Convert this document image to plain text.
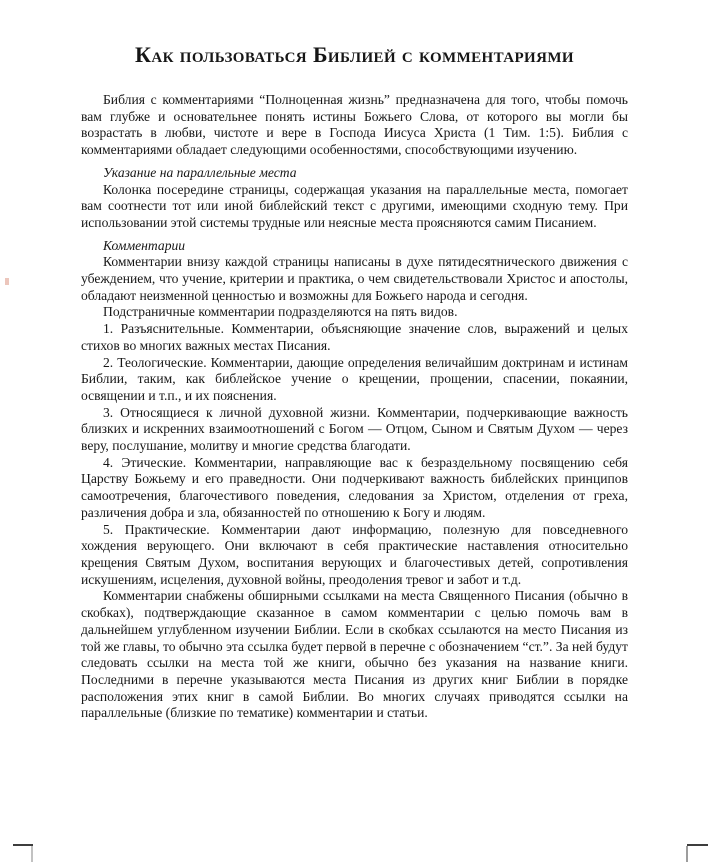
Как пользоваться Библией с комментариями

Библия с комментариями “Полноценная жизнь” предназначена для того, чтобы помочь вам глубже и основательнее понять истины Божьего Слова, от которого вы могли бы возрастать в любви, чистоте и вере в Господа Иисуса Христа (1 Тим. 1:5). Библия с комментариями обладает следующими особенностями, способствующими изучению.

Указание на параллельные места

Колонка посередине страницы, содержащая указания на параллельные места, помогает вам соотнести тот или иной библейский текст с другими, имеющими сходную тему. При использовании этой системы трудные или неясные места проясняются самим Писанием.

Комментарии

Комментарии внизу каждой страницы написаны в духе пятидесятнического движения с убеждением, что учение, критерии и практика, о чем свидетельствовали Христос и апостолы, обладают неизменной ценностью и возможны для Божьего народа и сегодня.

Подстраничные комментарии подразделяются на пять видов.

1. Разъяснительные. Комментарии, объясняющие значение слов, выражений и целых стихов во многих важных местах Писания.

2. Теологические. Комментарии, дающие определения величайшим доктринам и истинам Библии, таким, как библейское учение о крещении, прощении, спасении, покаянии, освящении и т.п., и их пояснения.

3. Относящиеся к личной духовной жизни. Комментарии, подчеркивающие важность близких и искренних взаимоотношений с Богом — Отцом, Сыном и Святым Духом — через веру, послушание, молитву и многие средства благодати.

4. Этические. Комментарии, направляющие вас к безраздельному посвящению себя Царству Божьему и его праведности. Они подчеркивают важность библейских принципов самоотречения, благочестивого поведения, следования за Христом, отделения от греха, различения добра и зла, обязанностей по отношению к Богу и людям.

5. Практические. Комментарии дают информацию, полезную для повседневного хождения верующего. Они включают в себя практические наставления относительно крещения Святым Духом, воспитания верующих и благочестивых детей, сопротивления искушениям, исцеления, духовной войны, преодоления тревог и забот и т.д.

Комментарии снабжены обширными ссылками на места Священного Писания (обычно в скобках), подтверждающие сказанное в самом комментарии с целью помочь вам в дальнейшем углубленном изучении Библии. Если в скобках ссылаются на место Писания из той же главы, то обычно эта ссылка будет первой в перечне с обозначением “ст.”. За ней будут следовать ссылки на места той же книги, обычно без указания на название книги. Последними в перечне указываются места Писания из других книг Библии в порядке расположения этих книг в самой Библии. Во многих случаях приводятся ссылки на параллельные (близкие по тематике) комментарии и статьи.
